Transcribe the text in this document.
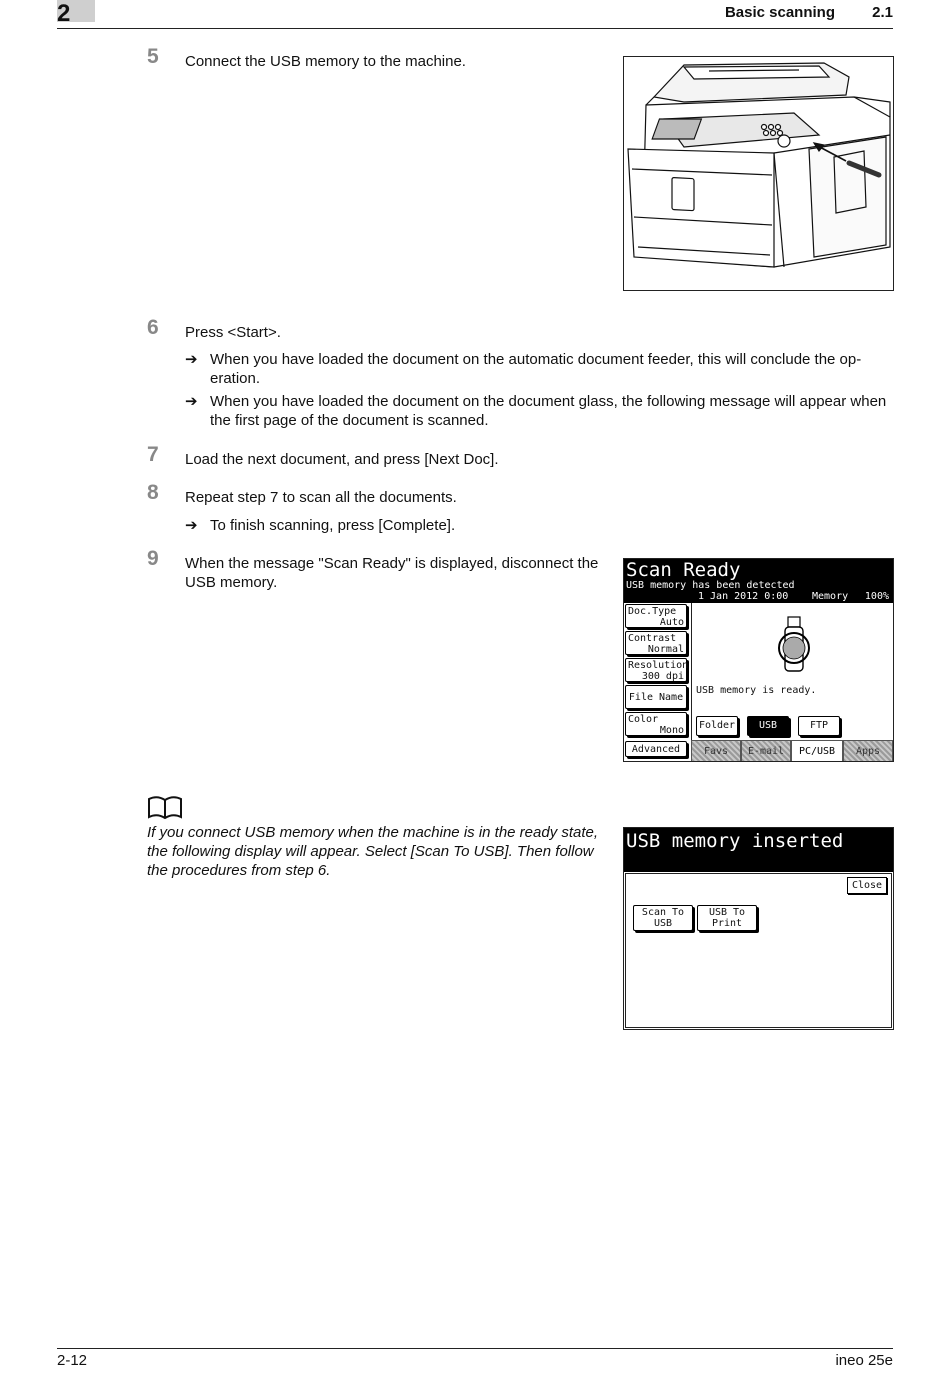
2	Basic scanning 2.1
5 Connect the USB memory to the machine.
6 Press <Start>.
➔ When you have loaded the document on the automatic document feeder, this will conclude the op-eration.
➔ When you have loaded the document on the document glass, the following message will appear when the first page of the document is scanned.
7 Load the next document, and press [Next Doc].
8 Repeat step 7 to scan all the documents.
➔ To finish scanning, press [Complete].
9 When the message "Scan Ready" is displayed, disconnect the USB memory.
Scan Ready
USB memory has been detected
1 Jan 2012 0:00 Memory 100%
Doc.Type
Auto
Contrast
Normal
Resolution
300 dpi
File Name
Color
Mono
Advanced
USB memory is ready.
Folder	USB	FTP
Favs	E-mail	PC/USB	Apps
If you connect USB memory when the machine is in the ready state, the following display will appear. Select [Scan To USB]. Then follow the procedures from step 6.
USB memory inserted
Close
Scan To
USB
USB To
Print
2-12	ineo 25e
